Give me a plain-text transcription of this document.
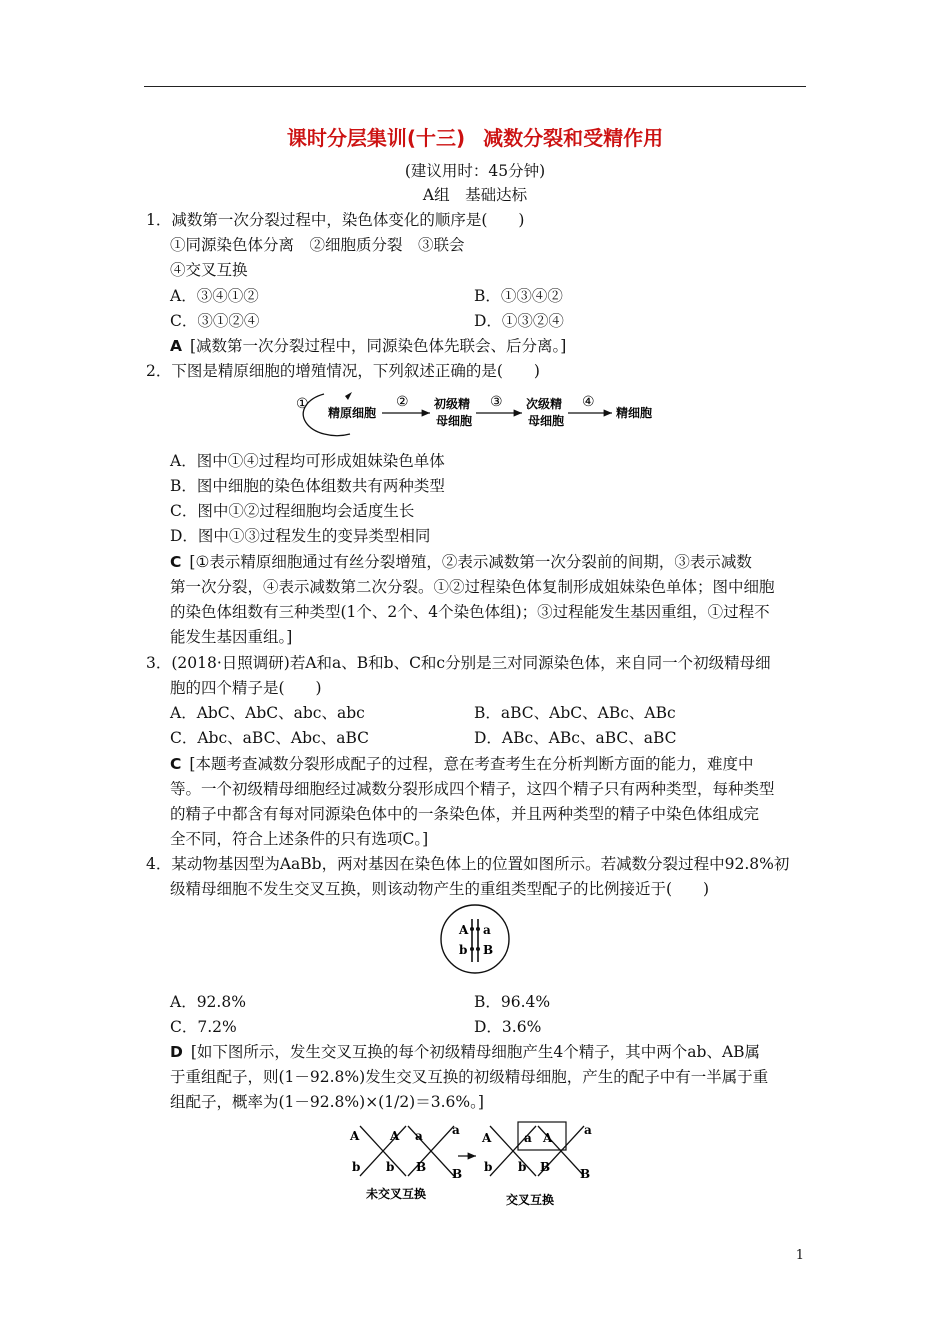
课时分层集训(十三) 减数分裂和受精作用
(建议用时：45分钟)
A组　基础达标
1．减数第一次分裂过程中，染色体变化的顺序是(　　)
①同源染色体分离　②细胞质分裂　③联会
④交叉互换
A．③④①②	B．①③④②
C．③①②④	D．①③②④
A [减数第一次分裂过程中，同源染色体先联会、后分离。]
2．下图是精原细胞的增殖情况，下列叙述正确的是(　　)
①
精原细胞
② 初级精
母细胞
③ 次级精
母细胞
④
精细胞
A．图中①④过程均可形成姐妹染色单体
B．图中细胞的染色体组数共有两种类型
C．图中①②过程细胞均会适度生长
D．图中①③过程发生的变异类型相同
C [①表示精原细胞通过有丝分裂增殖，②表示减数第一次分裂前的间期，③表示减数
第一次分裂，④表示减数第二次分裂。①②过程染色体复制形成姐妹染色单体；图中细胞
的染色体组数有三种类型(1个、2个、4个染色体组)；③过程能发生基因重组，①过程不
能发生基因重组。]
3．(2018·日照调研)若A和a、B和b、C和c分别是三对同源染色体，来自同一个初级精母细
胞的四个精子是(　　)
A．AbC、AbC、abc、abc	B．aBC、AbC、ABc、ABc
C．Abc、aBC、Abc、aBC	D．ABc、ABc、aBC、aBC
C [本题考查减数分裂形成配子的过程，意在考查考生在分析判断方面的能力，难度中
等。一个初级精母细胞经过减数分裂形成四个精子，这四个精子只有两种类型，每种类型
的精子中都含有每对同源染色体中的一条染色体，并且两种类型的精子中染色体组成完
全不同，符合上述条件的只有选项C。]
4．某动物基因型为AaBb，两对基因在染色体上的位置如图所示。若减数分裂过程中92.8%初
级精母细胞不发生交叉互换，则该动物产生的重组类型配子的比例接近于(　　)
A a
b B
A．92.8%	B．96.4%
C．7.2%	D．3.6%
D [如下图所示，发生交叉互换的每个初级精母细胞产生4个精子，其中两个ab、AB属
于重组配子，则(1－92.8%)发生交叉互换的初级精母细胞，产生的配子中有一半属于重
组配子，概率为(1－92.8%)×(1/2)＝3.6%。]
A	A a a
b b B B
未交叉互换
A	a A
a
b b B B
交叉互换
1
